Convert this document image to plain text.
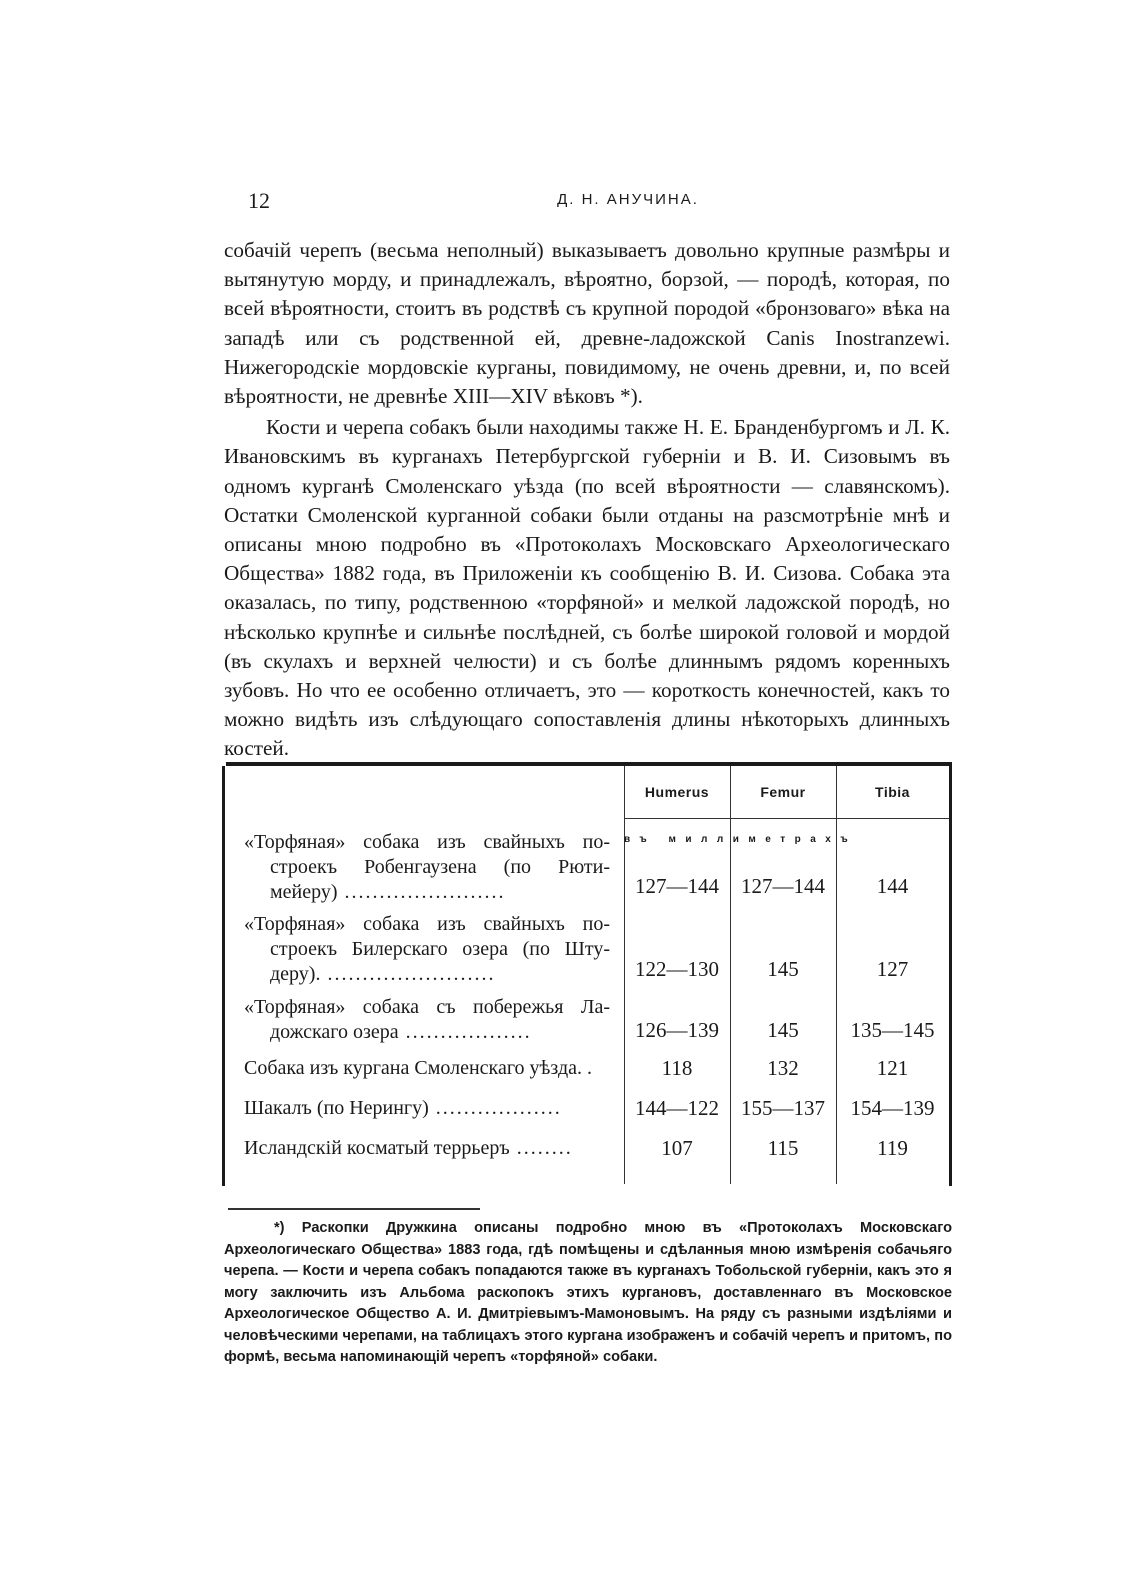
12	Д. Н. АНУЧИНА.

собачій черепъ (весьма неполный) выказываетъ довольно крупные размѣры и вытянутую морду, и принадлежалъ, вѣроятно, борзой, — породѣ, которая, по всей вѣроятности, стоитъ въ родствѣ съ крупной породой «бронзоваго» вѣка на западѣ или съ родственной ей, древне-ладожской Canis Inostranzewi. Нижегородскіе мордовскіе курганы, повидимому, не очень древни, и, по всей вѣроятности, не древнѣе XIII—XIV вѣковъ *).

Кости и черепа собакъ были находимы также Н. Е. Бранденбургомъ и Л. К. Ивановскимъ въ курганахъ Петербургской губерніи и В. И. Сизовымъ въ одномъ курганѣ Смоленскаго уѣзда (по всей вѣроятности — славянскомъ). Остатки Смоленской курганной собаки были отданы на разсмотрѣніе мнѣ и описаны мною подробно въ «Протоколахъ Московскаго Археологическаго Общества» 1882 года, въ Приложеніи къ сообщенію В. И. Сизова. Собака эта оказалась, по типу, родственною «торфяной» и мелкой ладожской породѣ, но нѣсколько крупнѣе и сильнѣе послѣдней, съ болѣе широкой головой и мордой (въ скулахъ и верхней челюсти) и съ болѣе длиннымъ рядомъ коренныхъ зубовъ. Но что ее особенно отличаетъ, это — короткость конечностей, какъ то можно видѣть изъ слѣдующаго сопоставленія длины нѣкоторыхъ длинныхъ костей.

Humerus	Femur	Tibia
въ миллиметрахъ
«Торфяная» собака изъ свайныхъ по-
строекъ Робенгаузена (по Рюти-
мейеру) .......................	127—144	127—144	144
«Торфяная» собака изъ свайныхъ по-
строекъ Билерскаго озера (по Шту-
деру). ........................	122—130	145	127
«Торфяная» собака съ побережья Ла-
дожскаго озера ..................	126—139	145	135—145
Собака изъ кургана Смоленскаго уѣзда. .	118	132	121
Шакалъ (по Нерингу) ..................	144—122	155—137	154—139
Исландскій косматый террьеръ ........	107	115	119

*) Раскопки Дружкина описаны подробно мною въ «Протоколахъ Московскаго Археологическаго Общества» 1883 года, гдѣ помѣщены и сдѣланныя мною измѣренія собачьяго черепа. — Кости и черепа собакъ попадаются также въ курганахъ Тобольской губерніи, какъ это я могу заключить изъ Альбома раскопокъ этихъ кургановъ, доставленнаго въ Московское Археологическое Общество А. И. Дмитріевымъ-Мамоновымъ. На ряду съ разными издѣліями и человѣческими черепами, на таблицахъ этого кургана изображенъ и собачій черепъ и притомъ, по формѣ, весьма напоминающій черепъ «торфяной» собаки.
